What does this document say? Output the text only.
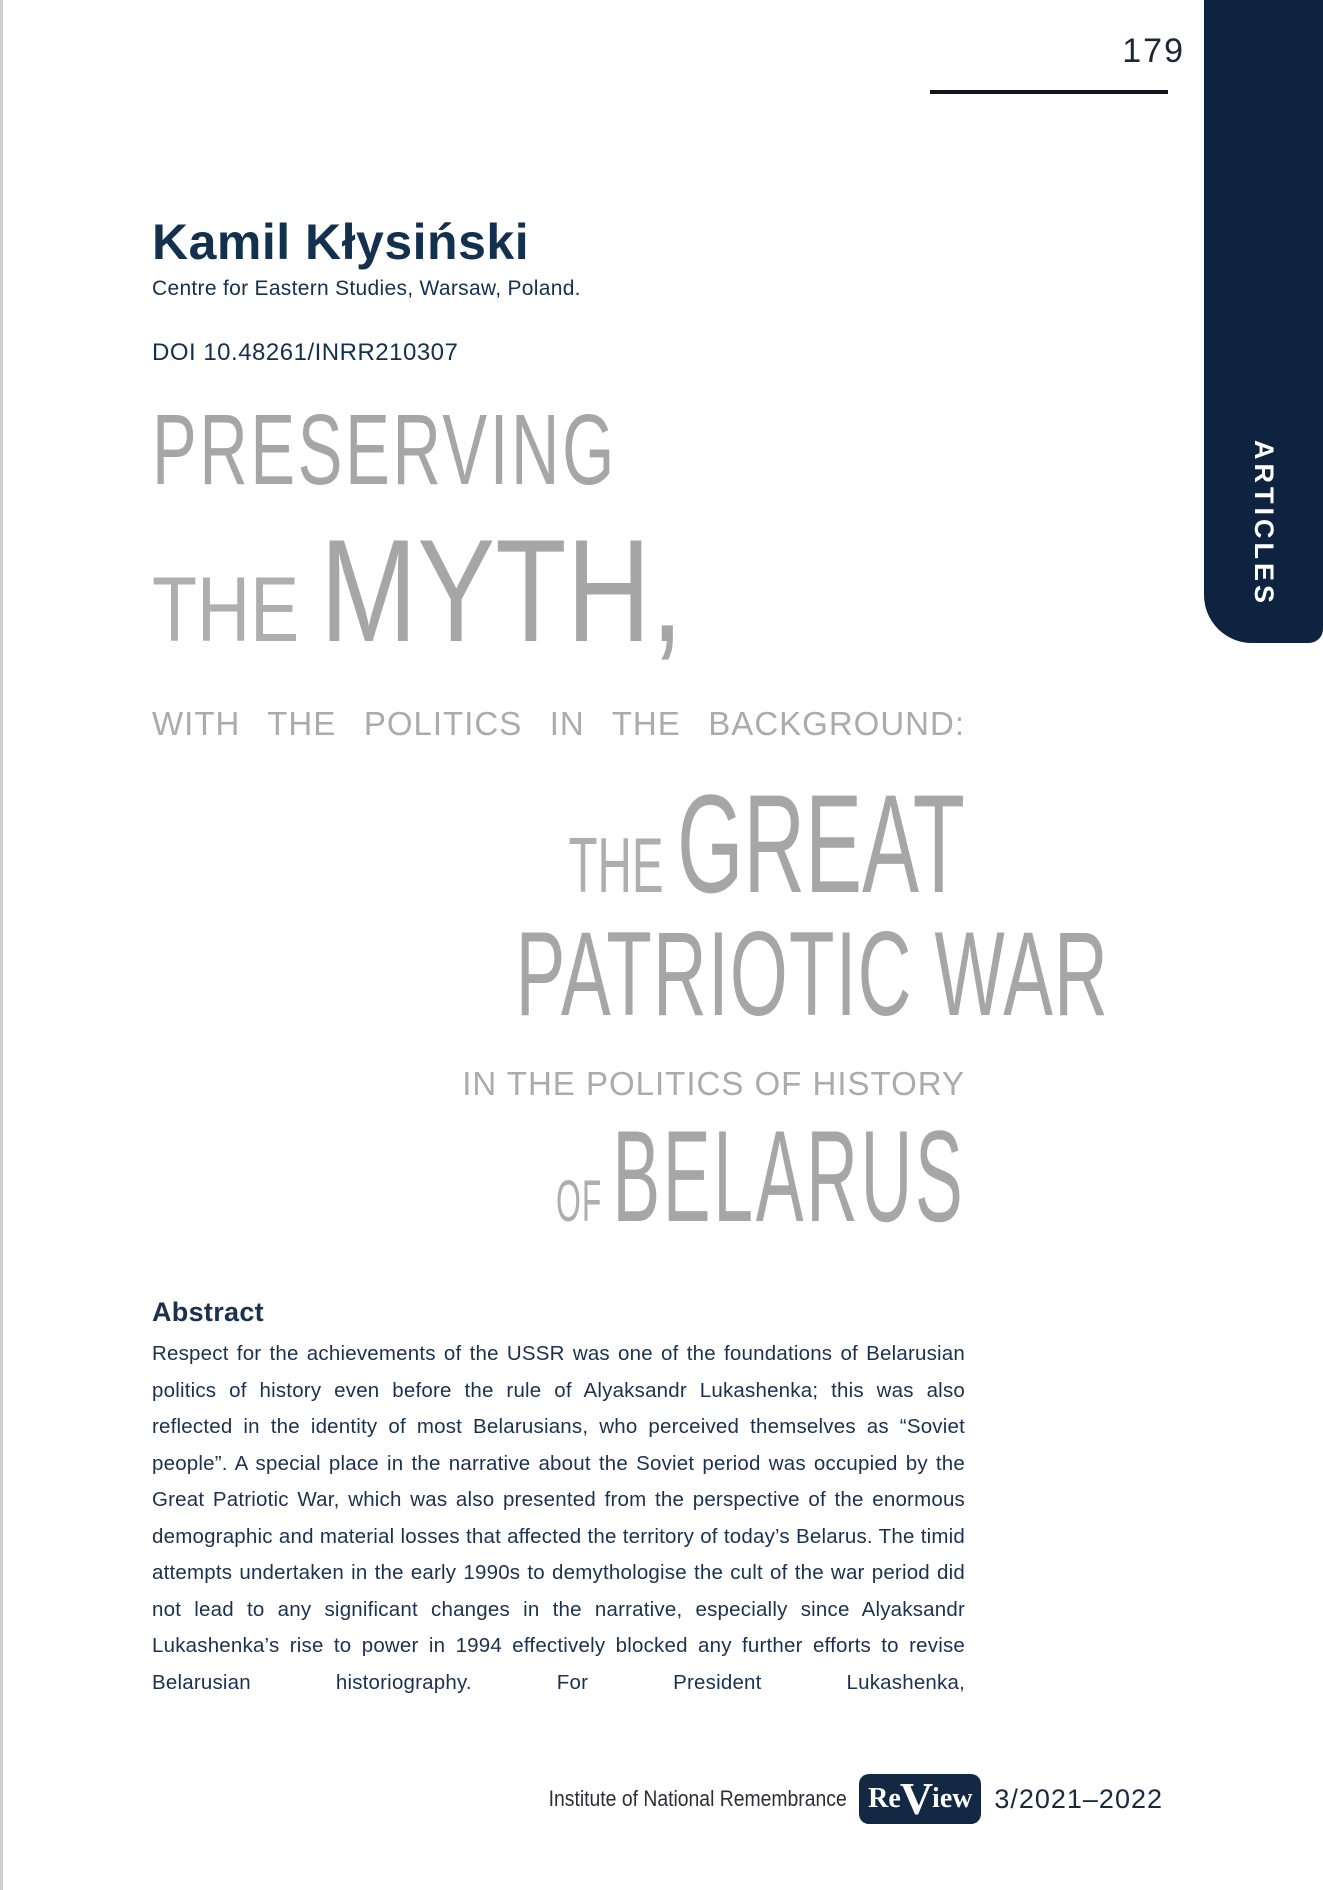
179
ARTICLES
Kamil Kłysiński
Centre for Eastern Studies, Warsaw, Poland.
DOI 10.48261/INRR210307
PRESERVING
THE MYTH,
WITH THE POLITICS IN THE BACKGROUND:
THEGREAT
PATRIOTIC WAR
IN THE POLITICS OF HISTORY
OFBELARUS
Abstract
Respect for the achievements of the USSR was one of the foundations of Belarusian politics of history even before the rule of Alyaksandr Lukashenka; this was also reflected in the identity of most Belarusians, who perceived themselves as “Soviet people”. A special place in the narrative about the Soviet period was occupied by the Great Patriotic War, which was also presented from the perspective of the enormous demographic and material losses that affected the territory of today’s Belarus. The timid attempts undertaken in the early 1990s to demythologise the cult of the war period did not lead to any significant changes in the narrative, especially since Alyaksandr Lukashenka’s rise to power in 1994 effectively blocked any further efforts to revise Belarusian historiography. For President Lukashenka,
Institute of National Remembrance Re V iew 3/2021–2022
